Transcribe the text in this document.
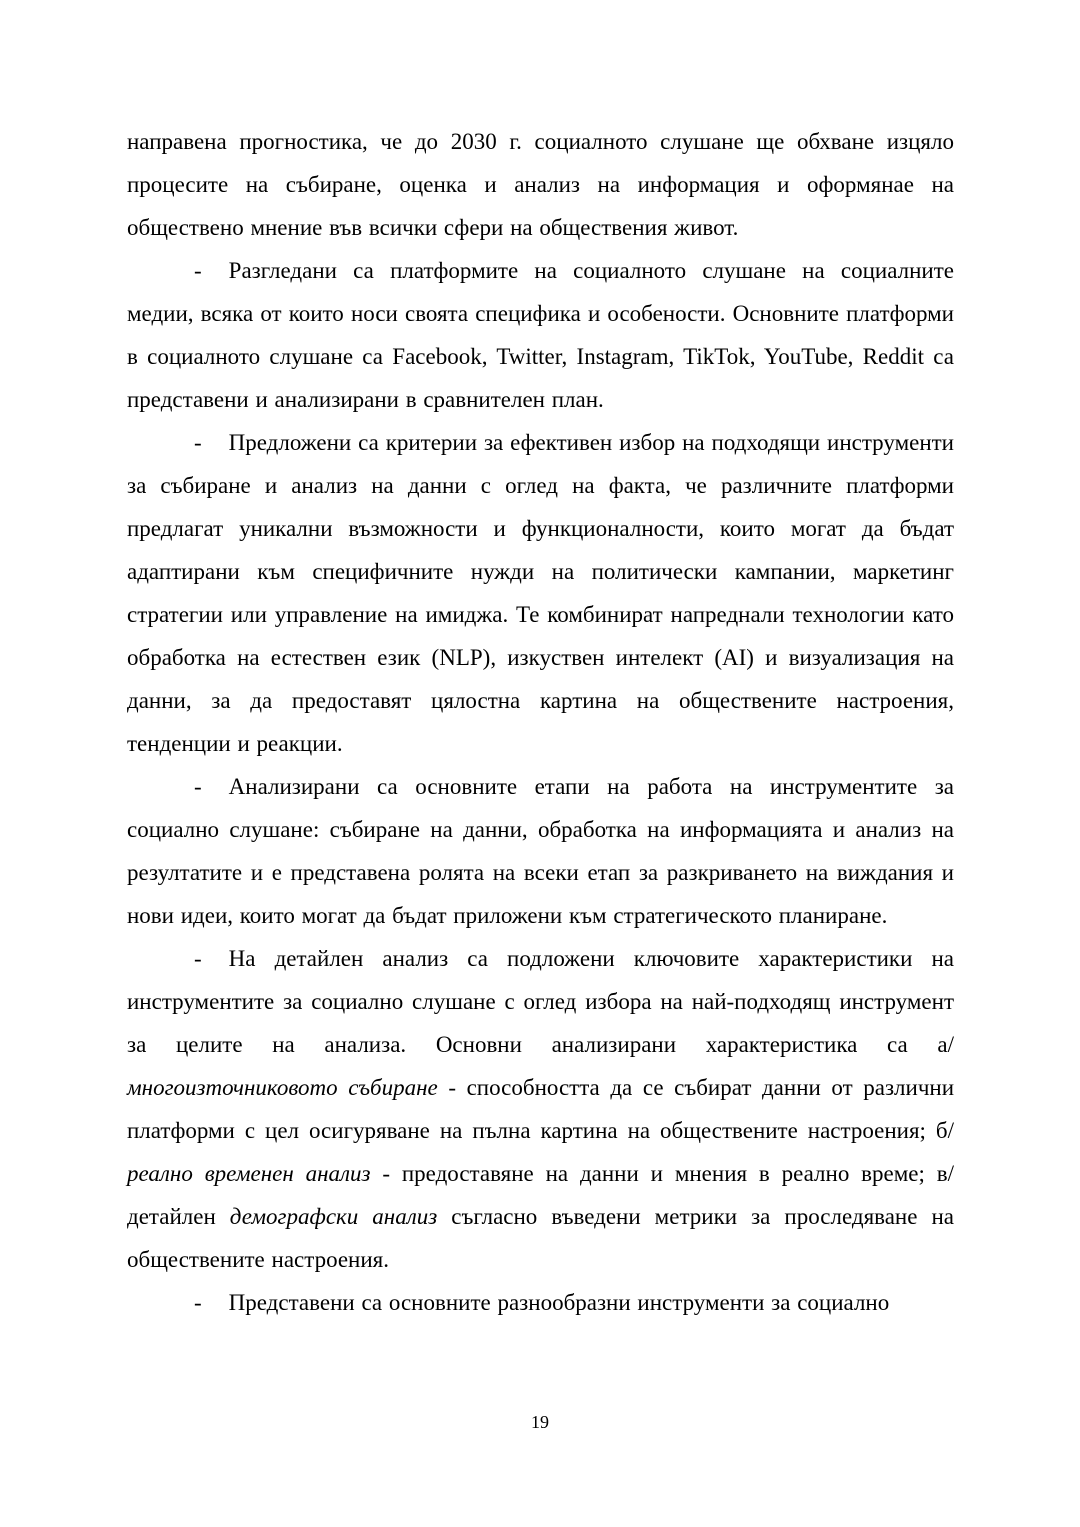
направена прогностика, че до 2030 г. социалното слушане ще обхване изцяло процесите на събиране, оценка и анализ на информация и оформянае на обществено мнение във всички сфери на обществения живот.

- Разгледани са платформите на социалното слушане на социалните медии, всяка от които носи своята специфика и особености. Основните платформи в социалното слушане са Facebook, Twitter, Instagram, TikTok, YouTube, Reddit са представени и анализирани в сравнителен план.

- Предложени са критерии за ефективен избор на подходящи инструменти за събиране и анализ на данни с оглед на факта, че различните платформи предлагат уникални възможности и функционалности, които могат да бъдат адаптирани към специфичните нужди на политически кампании, маркетинг стратегии или управление на имиджа. Те комбинират напреднали технологии като обработка на естествен език (NLP), изкуствен интелект (AI) и визуализация на данни, за да предоставят цялостна картина на обществените настроения, тенденции и реакции.

- Анализирани са основните етапи на работа на инструментите за социално слушане: събиране на данни, обработка на информацията и анализ на резултатите и е представена ролята на всеки етап за разкриването на виждания и нови идеи, които могат да бъдат приложени към стратегическото планиране.

- На детайлен анализ са подложени ключовите характеристики на инструментите за социално слушане с оглед избора на най-подходящ инструмент за целите на анализа. Основни анализирани характеристика са а/ многоизточниковото събиране - способността да се събират данни от различни платформи с цел осигуряване на пълна картина на обществените настроения; б/ реално временен анализ - предоставяне на данни и мнения в реално време; в/ детайлен демографски анализ съгласно въведени метрики за проследяване на обществените настроения.

- Представени са основните разнообразни инструменти за социално

19
